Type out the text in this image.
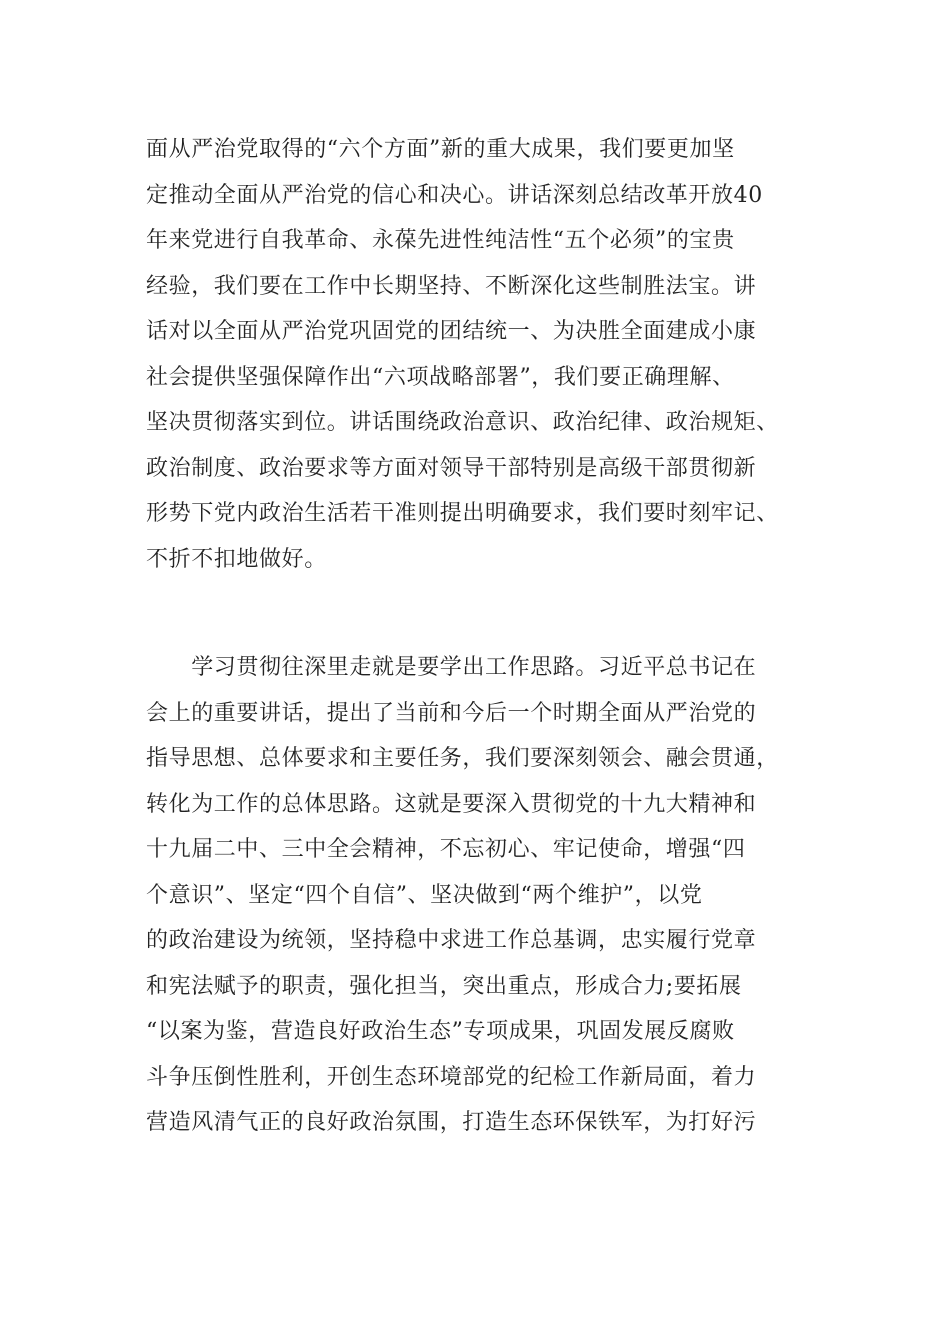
面从严治党取得的“六个方面”新的重大成果，我们要更加坚
定推动全面从严治党的信心和决心。讲话深刻总结改革开放40
年来党进行自我革命、永葆先进性纯洁性“五个必须”的宝贵
经验，我们要在工作中长期坚持、不断深化这些制胜法宝。讲
话对以全面从严治党巩固党的团结统一、为决胜全面建成小康
社会提供坚强保障作出“六项战略部署”，我们要正确理解、
坚决贯彻落实到位。讲话围绕政治意识、政治纪律、政治规矩、
政治制度、政治要求等方面对领导干部特别是高级干部贯彻新
形势下党内政治生活若干准则提出明确要求，我们要时刻牢记、
不折不扣地做好。
　　学习贯彻往深里走就是要学出工作思路。习近平总书记在
会上的重要讲话，提出了当前和今后一个时期全面从严治党的
指导思想、总体要求和主要任务，我们要深刻领会、融会贯通，
转化为工作的总体思路。这就是要深入贯彻党的十九大精神和
十九届二中、三中全会精神，不忘初心、牢记使命，增强“四
个意识”、坚定“四个自信”、坚决做到“两个维护”，以党
的政治建设为统领，坚持稳中求进工作总基调，忠实履行党章
和宪法赋予的职责，强化担当，突出重点，形成合力;要拓展
“以案为鉴，营造良好政治生态”专项成果，巩固发展反腐败
斗争压倒性胜利，开创生态环境部党的纪检工作新局面，着力
营造风清气正的良好政治氛围，打造生态环保铁军，为打好污
